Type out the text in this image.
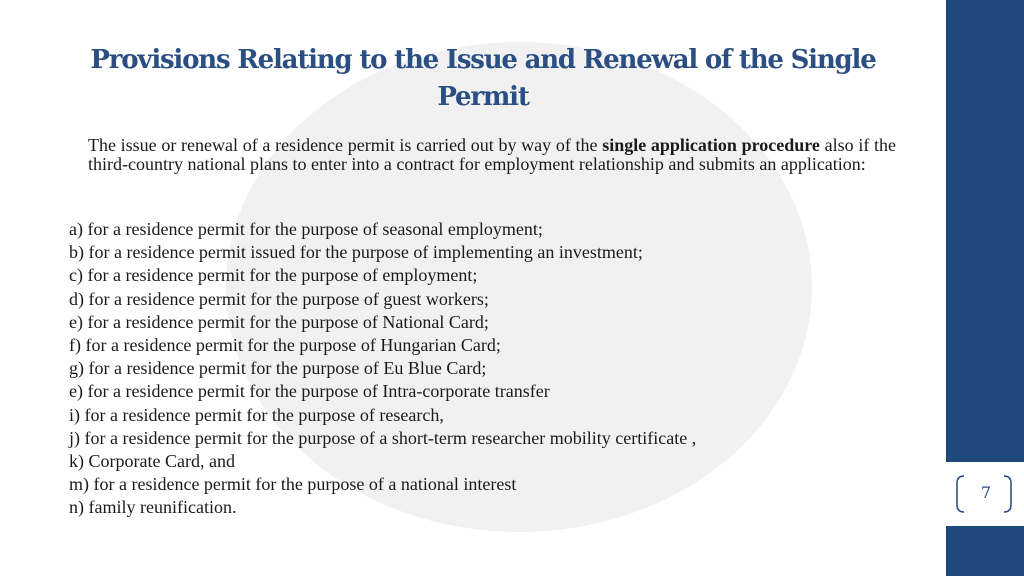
Provisions Relating to the Issue and Renewal of the Single Permit
The issue or renewal of a residence permit is carried out by way of the single application procedure also if the third-country national plans to enter into a contract for employment relationship and submits an application:
a) for a residence permit for the purpose of seasonal employment;
b) for a residence permit issued for the purpose of implementing an investment;
c) for a residence permit for the purpose of employment;
d) for a residence permit for the purpose of guest workers;
e) for a residence permit for the purpose of National Card;
f) for a residence permit for the purpose of Hungarian Card;
g) for a residence permit for the purpose of Eu Blue Card;
e) for a residence permit for the purpose of Intra-corporate transfer
i) for a residence permit for the purpose of research,
j) for a residence permit for the purpose of a short-term researcher mobility certificate ,
k) Corporate Card, and
m) for a residence permit for the purpose of a national interest
n) family reunification.
7
